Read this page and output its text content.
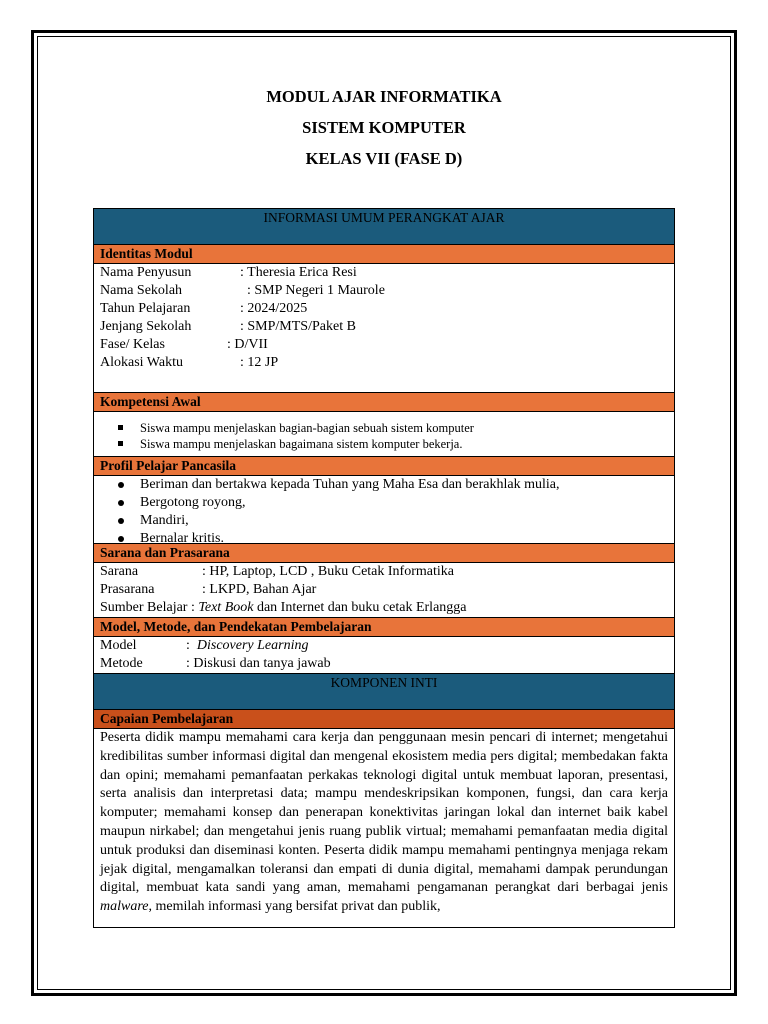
MODUL AJAR INFORMATIKA
SISTEM KOMPUTER
KELAS VII (FASE D)
INFORMASI UMUM PERANGKAT AJAR
Identitas Modul
Nama Penyusun	: Theresia Erica Resi
Nama Sekolah	: SMP Negeri 1 Maurole
Tahun Pelajaran	: 2024/2025
Jenjang Sekolah	: SMP/MTS/Paket B
Fase/ Kelas	: D/VII
Alokasi Waktu	: 12 JP
Kompetensi Awal
Siswa mampu menjelaskan bagian-bagian sebuah sistem komputer
Siswa mampu menjelaskan bagaimana sistem komputer bekerja.
Profil Pelajar Pancasila
Beriman dan bertakwa kepada Tuhan yang Maha Esa dan berakhlak mulia,
Bergotong royong,
Mandiri,
Bernalar kritis.
Sarana dan Prasarana
Sarana	: HP, Laptop, LCD , Buku Cetak Informatika
Prasarana	: LKPD, Bahan Ajar
Sumber Belajar : Text Book dan Internet dan buku cetak Erlangga
Model, Metode, dan Pendekatan Pembelajaran
Model	: Discovery Learning
Metode	: Diskusi dan tanya jawab
KOMPONEN INTI
Capaian Pembelajaran
Peserta didik mampu memahami cara kerja dan penggunaan mesin pencari di internet; mengetahui kredibilitas sumber informasi digital dan mengenal ekosistem media pers digital; membedakan fakta dan opini; memahami pemanfaatan perkakas teknologi digital untuk membuat laporan, presentasi, serta analisis dan interpretasi data; mampu mendeskripsikan komponen, fungsi, dan cara kerja komputer; memahami konsep dan penerapan konektivitas jaringan lokal dan internet baik kabel maupun nirkabel; dan mengetahui jenis ruang publik virtual; memahami pemanfaatan media digital untuk produksi dan diseminasi konten. Peserta didik mampu memahami pentingnya menjaga rekam jejak digital, mengamalkan toleransi dan empati di dunia digital, memahami dampak perundungan digital, membuat kata sandi yang aman, memahami pengamanan perangkat dari berbagai jenis malware, memilah informasi yang bersifat privat dan publik,
